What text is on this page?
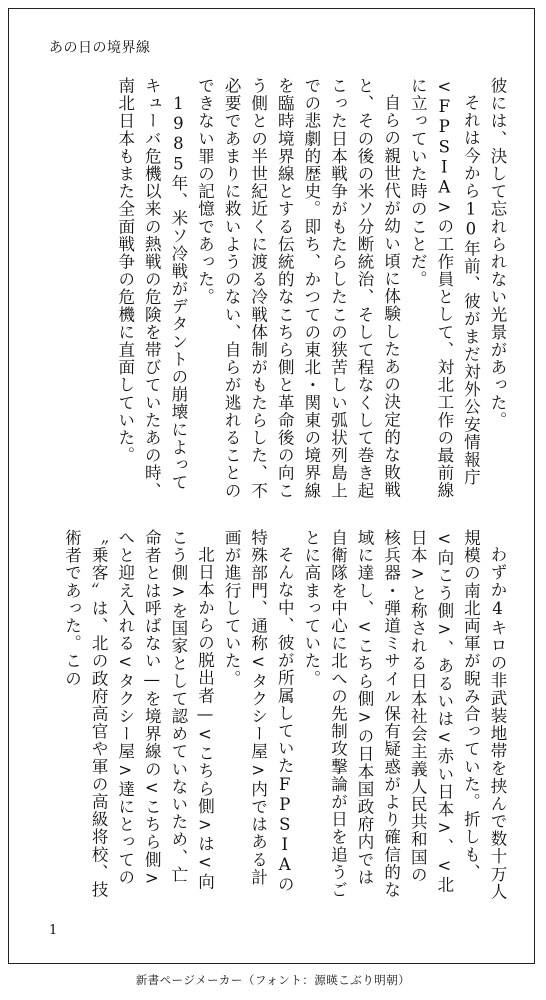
あの日の境界線

彼には、決して忘れられない光景があった。

それは今から10年前、彼がまだ対外公安情報庁<FPSIA>の工作員として、対北工作の最前線に立っていた時のことだ。

自らの親世代が幼い頃に体験したあの決定的な敗戦と、その後の米ソ分断統治、そして程なくして巻き起こった日本戦争がもたらしたこの狭苦しい弧状列島上での悲劇的歴史。即ち、かつての東北・関東の境界線を臨時境界線とする伝統的なこちら側と革命後の向こう側との半世紀近くに渡る冷戦体制がもたらした、不必要であまりに救いようのない、自らが逃れることのできない罪の記憶であった。

1985年、米ソ冷戦がデタントの崩壊によってキューバ危機以来の熱戦の危険を帯びていたあの時、南北日本もまた全面戦争の危機に直面していた。

わずか4キロの非武装地帯を挟んで数十万人規模の南北両軍が睨み合っていた。折しも、<向こう側>、あるいは<赤い日本>、<北日本>と称される日本社会主義人民共和国の核兵器・弾道ミサイル保有疑惑がより確信的な域に達し、<こちら側>の日本国政府内では自衛隊を中心に北への先制攻撃論が日を追うごとに高まっていた。

そんな中、彼が所属していたFPSIAの特殊部門、通称<タクシー屋>内ではある計画が進行していた。

北日本からの脱出者—<こちら側>は<向こう側>を国家として認めていないため、亡命者とは呼ばない—を境界線の<こちら側>へと迎え入れる<タクシー屋>達にとっての〝乗客〟は、北の政府高官や軍の高級将校、技術者であった。この

1
新書ページメーカー（フォント：源暎こぶり明朝）
